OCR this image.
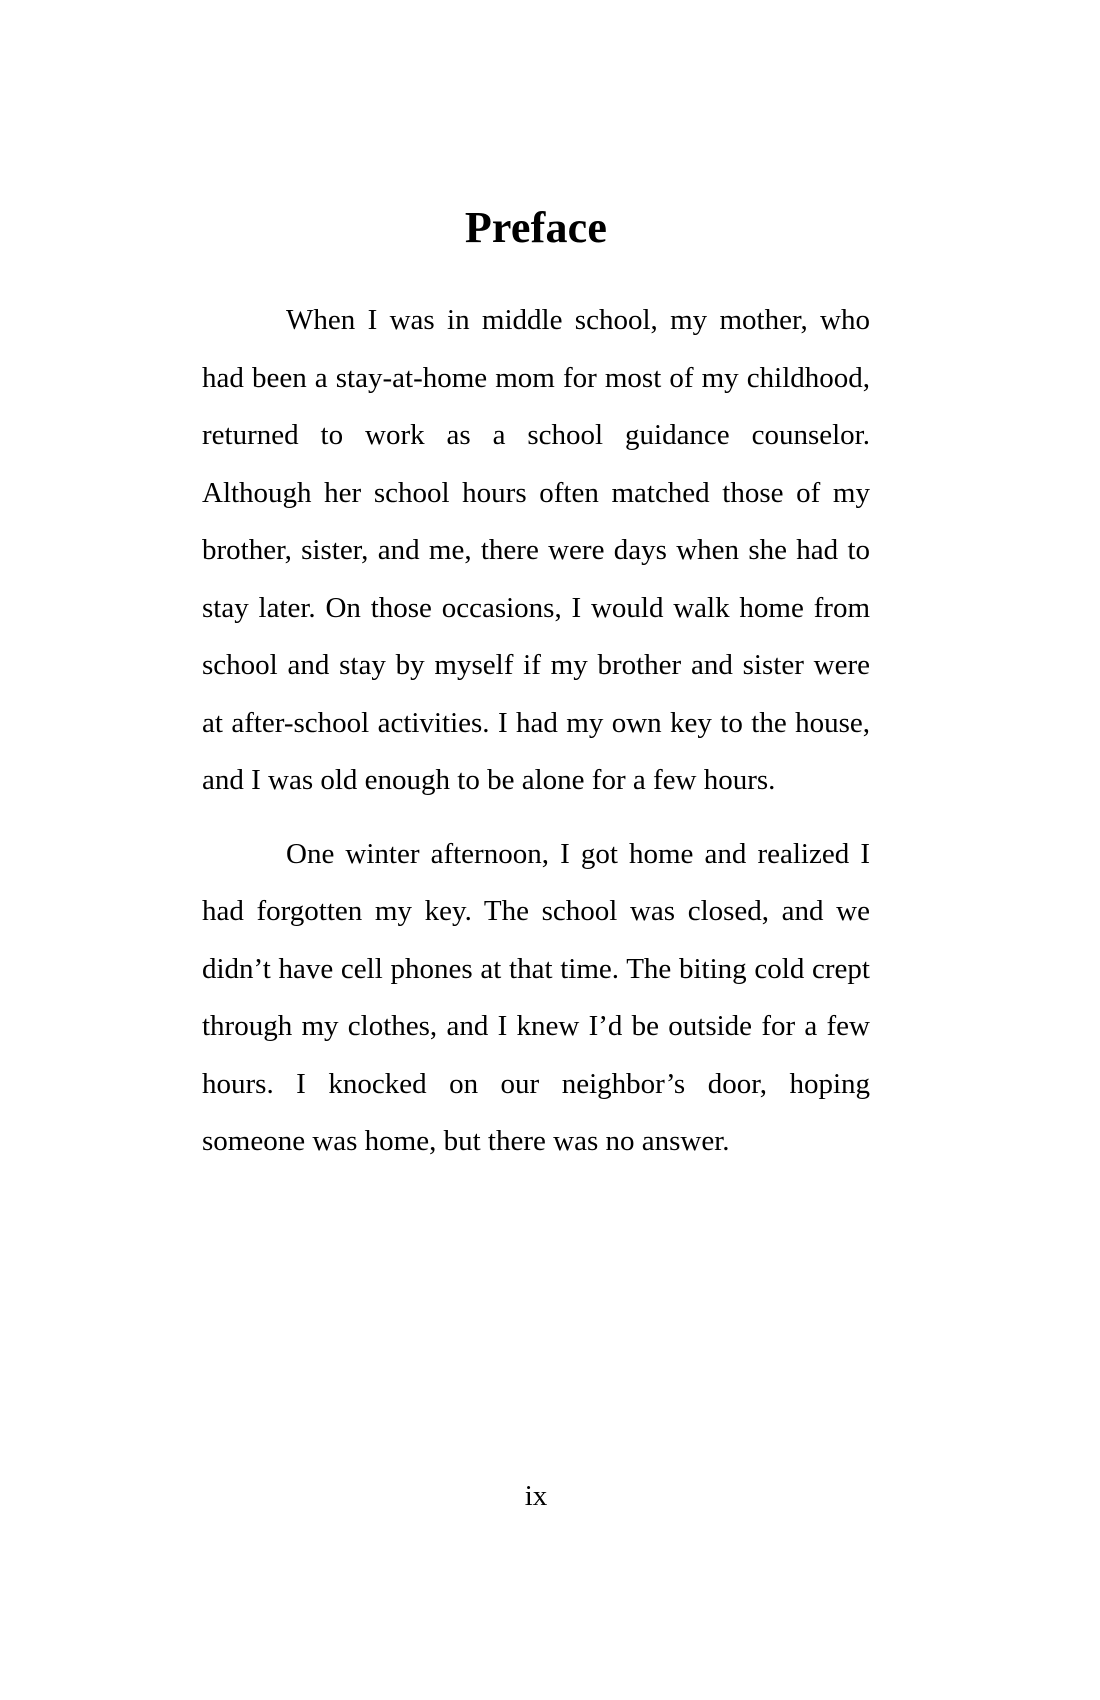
Preface

When I was in middle school, my mother, who had been a stay-at-home mom for most of my childhood, returned to work as a school guidance counselor. Although her school hours often matched those of my brother, sister, and me, there were days when she had to stay later. On those occasions, I would walk home from school and stay by myself if my brother and sister were at after-school activities. I had my own key to the house, and I was old enough to be alone for a few hours.

One winter afternoon, I got home and realized I had forgotten my key. The school was closed, and we didn’t have cell phones at that time. The biting cold crept through my clothes, and I knew I’d be outside for a few hours. I knocked on our neighbor’s door, hoping someone was home, but there was no answer.

ix
